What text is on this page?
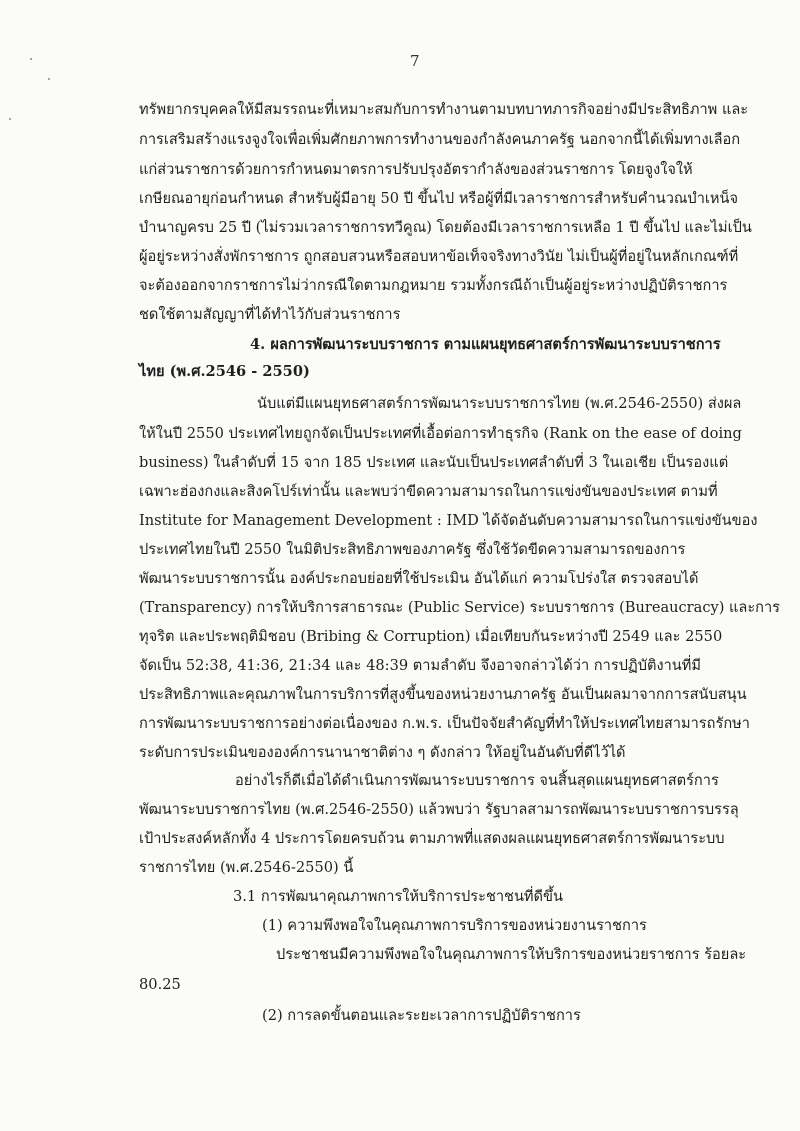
7
ทรัพยากรบุคคลให้มีสมรรถนะที่เหมาะสมกับการทำงานตามบทบาทภารกิจอย่างมีประสิทธิภาพ และ
การเสริมสร้างแรงจูงใจเพื่อเพิ่มศักยภาพการทำงานของกำลังคนภาครัฐ นอกจากนี้ได้เพิ่มทางเลือก
แก่ส่วนราชการด้วยการกำหนดมาตรการปรับปรุงอัตรากำลังของส่วนราชการ โดยจูงใจให้
เกษียณอายุก่อนกำหนด สำหรับผู้มีอายุ 50 ปี ขึ้นไป หรือผู้ที่มีเวลาราชการสำหรับคำนวณบำเหน็จ
บำนาญครบ 25 ปี (ไม่รวมเวลาราชการทวีคูณ) โดยต้องมีเวลาราชการเหลือ 1 ปี ขึ้นไป และไม่เป็น
ผู้อยู่ระหว่างสั่งพักราชการ ถูกสอบสวนหรือสอบหาข้อเท็จจริงทางวินัย ไม่เป็นผู้ที่อยู่ในหลักเกณฑ์ที่
จะต้องออกจากราชการไม่ว่ากรณีใดตามกฎหมาย รวมทั้งกรณีถ้าเป็นผู้อยู่ระหว่างปฏิบัติราชการ
ชดใช้ตามสัญญาที่ได้ทำไว้กับส่วนราชการ
4. ผลการพัฒนาระบบราชการ ตามแผนยุทธศาสตร์การพัฒนาระบบราชการ
ไทย (พ.ศ.2546 - 2550)
นับแต่มีแผนยุทธศาสตร์การพัฒนาระบบราชการไทย (พ.ศ.2546-2550) ส่งผล
ให้ในปี 2550 ประเทศไทยถูกจัดเป็นประเทศที่เอื้อต่อการทำธุรกิจ (Rank on the ease of doing
business) ในลำดับที่ 15 จาก 185 ประเทศ และนับเป็นประเทศลำดับที่ 3 ในเอเชีย เป็นรองแต่
เฉพาะฮ่องกงและสิงคโปร์เท่านั้น และพบว่าขีดความสามารถในการแข่งขันของประเทศ ตามที่
Institute for Management Development : IMD ได้จัดอันดับความสามารถในการแข่งขันของ
ประเทศไทยในปี 2550 ในมิติประสิทธิภาพของภาครัฐ ซึ่งใช้วัดขีดความสามารถของการ
พัฒนาระบบราชการนั้น องค์ประกอบย่อยที่ใช้ประเมิน อันได้แก่ ความโปร่งใส ตรวจสอบได้
(Transparency) การให้บริการสาธารณะ (Public Service) ระบบราชการ (Bureaucracy) และการ
ทุจริต และประพฤติมิชอบ (Bribing & Corruption) เมื่อเทียบกันระหว่างปี 2549 และ 2550
จัดเป็น 52:38, 41:36, 21:34 และ 48:39 ตามลำดับ จึงอาจกล่าวได้ว่า การปฏิบัติงานที่มี
ประสิทธิภาพและคุณภาพในการบริการที่สูงขึ้นของหน่วยงานภาครัฐ อันเป็นผลมาจากการสนับสนุน
การพัฒนาระบบราชการอย่างต่อเนื่องของ ก.พ.ร. เป็นปัจจัยสำคัญที่ทำให้ประเทศไทยสามารถรักษา
ระดับการประเมินขององค์การนานาชาติต่าง ๆ ดังกล่าว ให้อยู่ในอันดับที่ดีไว้ได้
อย่างไรก็ดีเมื่อได้ดำเนินการพัฒนาระบบราชการ จนสิ้นสุดแผนยุทธศาสตร์การ
พัฒนาระบบราชการไทย (พ.ศ.2546-2550) แล้วพบว่า รัฐบาลสามารถพัฒนาระบบราชการบรรลุ
เป้าประสงค์หลักทั้ง 4 ประการโดยครบถ้วน ตามภาพที่แสดงผลแผนยุทธศาสตร์การพัฒนาระบบ
ราชการไทย (พ.ศ.2546-2550) นี้
3.1 การพัฒนาคุณภาพการให้บริการประชาชนที่ดีขึ้น
(1) ความพึงพอใจในคุณภาพการบริการของหน่วยงานราชการ
ประชาชนมีความพึงพอใจในคุณภาพการให้บริการของหน่วยราชการ ร้อยละ
80.25
(2) การลดขั้นตอนและระยะเวลาการปฏิบัติราชการ
